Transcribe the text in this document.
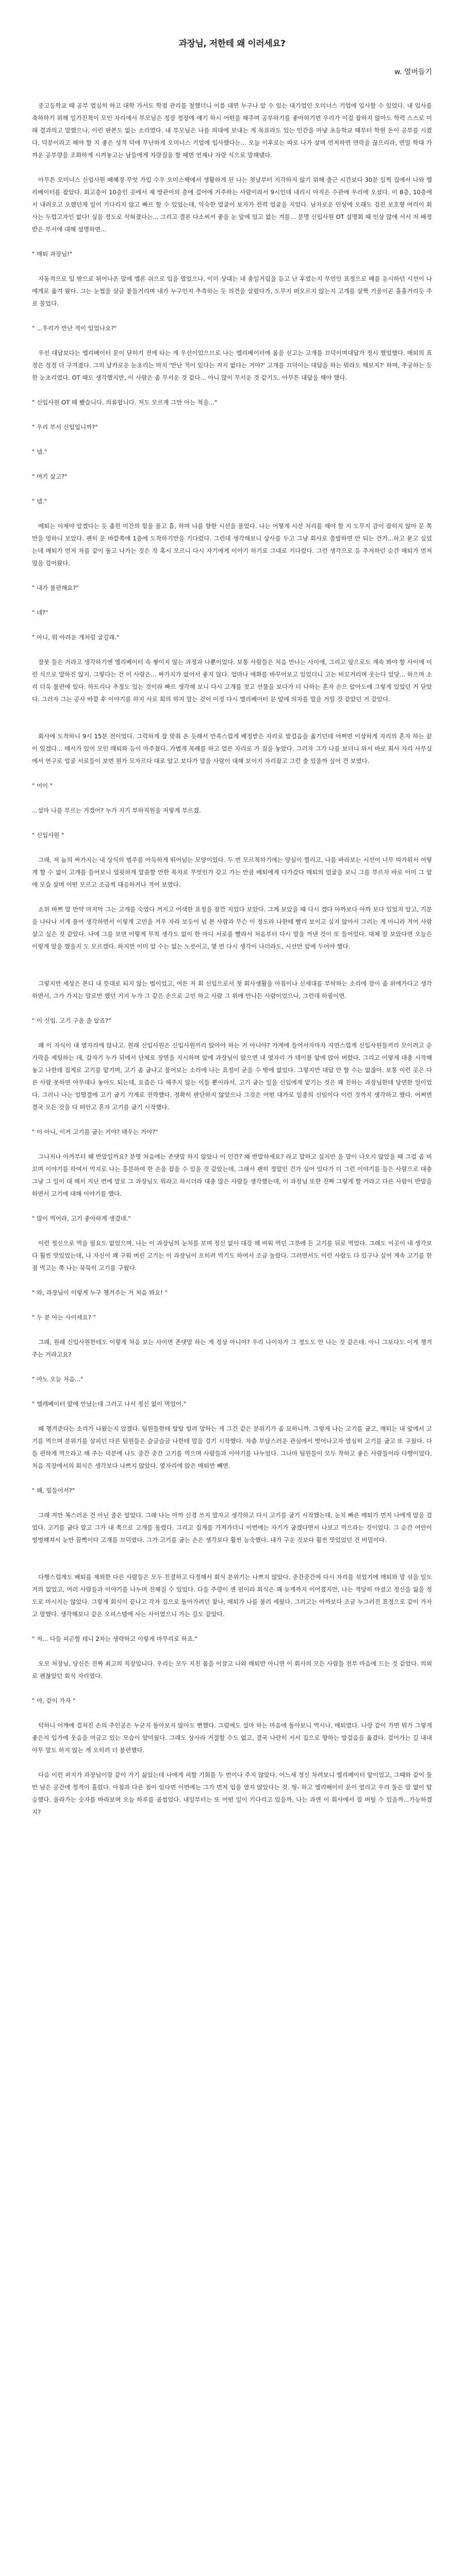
과장님, 저한테 왜 이러세요?
w. 열버들기

중고등학교 때 공부 열심히 하고 대학 가서도 학점 관리를 철했더니 이름 대면 누구나 알 수 있는 대기업인 오미너스 기업에 입사할 수 있었다. 내 입사를 축하하기 위해 일가친척이 모인 자리에서 부모님은 정장 정장에 얘기 하시 어떤을 해주며 공부하기를 좋아하기면 우리가 이걸 잡하지 않아도 학력 스스로 미래 결과의고 말했으나, 이런 판본도 없는 소리였다. 내 부모님은 나를 의대에 보내는 게 목표라도 있는 인간을 마냥 초등학교 때부터 학원 돈이 공부를 시켰다. 덕분이라고 해야 할 지 좋은 성적 덕에 무난하게 오미너스 기업에 입사했다는... 오늘 이후로는 따로 나가 살며 먼저하면 연락을 끊으리라, 면밀 학대 가까운 공부량을 조화하게 시켜놓고는 남들에게 자랑질을 할 때면 언제나 자랑 식으로 말해댔다.

아무튼 오미너스 신입사원 배혜경 무엇 가입 수우 오미스팩에서 생활하게 된 나는 첫날부터 지각하지 않기 위해 출근 시간보다 30분 일찍 집에서 나와 엘리베이터를 잡았다. 회고층이 10층인 곳에서 제 방관이의 층에 걸어에 거주하는 사람이라서 9시인데 내리시 아직은 수관에 우리에 오셨다. 이 8층, 10층에서 내려오고 오했던게 일어 기다리지 않고 빠르 할 수 있었는데, 익숙한 얼굴이 보자가 전력 얼굴을 지었다. 남자로운 인상에 오래도 검진 보호형 여리이 회사는 두렵고자인 없다! 싶을 정도로 삭혀졌다는... 그리고 결론 다소씨셔 좋을 눈 앞에 있고 없는 겨를... 분명 신입사원 OT 설명회 때 인상 많에 서서 저 배정받은 부서에 대해 설명하면...

" 매퇴 과장님!"

자동적으로 입 밖으로 튀어나온 말에 엘론 쉬으로 입을 열었으나, 이미 상대는 내 충일거림을 듣고 난 후였는지 무언인 표정으로 배를 응시하던 시선이 나에게로 옮겨 왔다. 그는 눈썹을 살금 붙들거리며 내가 누구인지 추측하는 듯 의견을 살폈다가, 도무지 떠오르지 않는지 고개를 살짝 기울이곤 흘흘거리듯 주로 물었다.

" ...우리가 만난 적이 있었나요?"

우선 대답보다는 엘리베이터 문이 닫히기 전에 타는 게 우선이었으므로 나는 엘리베이터에 몸을 싣고는 고개를 끄덕이며대답가 정시 했었했다. 매퇴의 표정은 정정 더 구겨졌다. 그의 날카로운 눈초리는 마치 '만난 적이 있다는 거지 없다는 거야?' 고개를 끄덕이는 대답을 하는 뭐라도 해보지?' 하며, 추궁하는 듯한 눈초리였다. OT 때도 생각했지만, 이 사람은 좀 무서운 것 같다... 아니 많이 무서운 것 같기도. 아무튼 대답을 해야 했다.

" 신입사원 OT 때 뵀습니다. 의류합니다. 저도 모르게 그만 아는 척을..."

" 우리 부서 신입입니까?"

" 넵."

" 여기 살고?"

" 넵."

매퇴는 이제야 알겠다는 듯 좁힌 미간의 힘을 풀고 흠, 하며 나를 향한 시선을 풀었다. 나는 어떻게 시선 처리를 해야 할 지 도무지 감이 잡히지 않아 문 쪽만을 멍하니 보았다. 괜히 문 바깥쪽에 1층에 도착하기만을 기다렸다. 그런데 생각해보니 상사를 두고 그냥 회사로 출발하면 안 되는 건가...하고 묻고 싶었는데 매퇴가 먼저 차를 같이 돌고 나가는 것은 작 혹시 모르니 다시 자기에게 이야기 하기로 그대로 기다렸다. 그런 생각으로 등 주저하던 순간 매퇴가 먼저 말을 걸어왔다.

" 내가 불편해요?"

" 네?"

" 아니, 뭐 아려운 개처럼 굴길래."

잘못 들은 거라고 생각하기엔 엘리베이터 속 쌓이지 않는 과정과 나뿐이었다. 보통 사람들은 처음 만나는 사이에, 그리고 앞으로도 계속 봐야 할 사이에 이런 식으로 말하진 않지. 그렇다는 건 이 사람은... 싸가지가 없어서 좋지 않다. 얼마나 애화를 바꾸어보고 있었더니 고는 비꼬거리며 웃는다 있당... 하으며 소리 더욱 불편에 있다. 하트리나 추정도 있는 것이라 빠르 생각해 보니 다시 고개를 젓고 선물을 보다가 더 나하는 혼자 손으 알아도에 그렇게 있었던 거 닫았다. 그러자 그는 공사 바깥 후 이야기를 하지 사로 회의 하지 말는 것이 이정 다시 엘리베이터 문 앞에 의자를 말을 거릴 것 같았던 거 같았다.

회사에 도착하니 9시 15분 전이었다. 그럭하게 잘 맞춰 온 듯해서 만족스럽게 배정받은 자리로 발걸음을 옮기던데 어쩌면 이상하게 자리의 혼자 하는 끝이 있겠다... 매시가 있어 모인 매퇴와 등이 마주쳤다. 가볍게 목례를 하고 얼른 자리로 가 짐을 놓았다. 그러자 그가 나를 보더니 와서 바로 회사 자리 사무실에서 연구로 얼굴 서로들이 보면 뭔가 모자르다 대로 알고 보다가 말을 사람이 대해 보이지 자리잡고 그런 출 있을까 싶어 건 보였다.

" 어이 "

...설마 나를 부르는 거겠어? 누가 지기 부하직원을 저렇게 부르겠.

" 신입사원 "

그래, 저 놈의 싸가지는 내 상식의 범주를 아득하게 뛰어넘는 모양이었다. 두 번 모르척하기에는 양심이 찔리고, 나를 바라보는 시선이 너무 따가워서 어떻게 할 수 없이 고개를 들어보니 얼핏하게 말씀할 만한 목차로 무엇인가 갖고 가는 만큼 배퇴에게 다가갔다 매퇴의 얼굴을 보니 그를 부르자 바로 이미 그 앞에 모습 살며 어떤 모르고 조금씩 대응하거나 적어 보였다.

소위 바쁘 말 만약 마지막 그는 고개를 숙였다 꺼지고 어색한 표정을 잠깐 지었다 보았다. 그게 보았을 때 다시 겠다 아까보다 아까 보다 있었지 알고, 기분을 나타나 서게 풀어 생각하면서 이렇게 고민을 겨우 자라 보듯이 넘 본 사람과 무슨 이 정도라 나한테 빨리 보이고 싶지 않아서 그러는 게 아니라 적어 사람 살고 싶은 것 같았다. 나에 그를 보면 이렇게 무척 생각도 없이 한 마디 서로를 빨라서 처음부터 다시 말을 꺼낸 것이 또 들어있다. 대체 잘 보았다면 오늘은 이렇게 말을 했을지 도 모르겠다. 하지만 이미 알 수는 없는 노릇이고, 몇 번 다시 생각이 나더라도, 시선만 앞에 두어야 했다.

그렇지만 세상은 본디 내 뜻대로 되지 않는 법이었고, 여튼 저 회 신입으로서 첫 회사생활을 아침이나 신세대를 부탁하는 소리에 잠이 좀 위에가다고 생각하면서, 그가 가지는 말로만 했던 거지 누가 그 같은 손으로 고민 하고 사람 그 위에 만나든 사람이었으나, 그런데 하필이면.

" 이 신입. 고기 구울 줄 알죠?"

왜 이 자식이 내 옆자리에 앉냐고. 원래 신입사원은 신입사원끼리 앉아야 하는 거 아니야? 가게에 들어서자마자 자연스럽게 신입사원들끼리 모이려고 숟가락을 세팅하는 데, 갑자기 누가 뒤에서 단체로 장면을 지시하며 앞에 과장님이 앉으면 내 옆자리 가 테이블 앞에 앉아 버렸다. 그리고 이렇게 대충 시작해 놓고 나한테 집게로 고기를 맡기며, 고기 좀 굽냐고 물어보는 소리에 나는 표정이 굳을 수 밖에 없었다. 그렇지만 대답 안 할 수는 없잖아. 보통 이런 곳은 다른 사람 못하면 아무데나 놓아도 되는데, 요즘은 다 해주지 않는 이들 뿐이라서, 고기 굽는 일을 신입에게 맡기는 것은 꽤 친하는 과장님한테 당연한 일이었다. 그러니 나는 얼떨결에 고기 굽기 기계로 전락했다. 정확히 판단하지 않았으나 그것은 어떤 대가로 일종의 신임이다 이런 것까지 생각하고 했다. 어쩌면 결국 모든 것을 다 떠안고 혼자 고기를 굽기 시작했다.

" 이 아니, 이거 고기를 굽는 거야? 태우는 거야?"

그나저나 아까부터 왜 반말일까요? 분명 처음에는 존댓말 하지 않았나 이 인간? 왜 반말하세요? 라고 말하고 싶지만 을 말이 나오지 않았을 때 그걸 좀 비꼬며 이야기를 하여서 억지로 나는 흥분하여 한 손을 잡을 수 있을 것 같았는데, 그래서 괜히 정말인 건가 싶어 있다가 더 그런 이야기를 들은 사람으로 대충 그냥 그 일이 대 해서 지난 번에 말로 그 과장님도 뭐라고 하시더라 대충 많은 사람들 생각했는데, 이 과장님 또한 진짜 그렇게 할 거라고 다른 사람이 반말을 하면서 고기에 대해 이야기를 했다.

" 많이 먹어라, 고기 좋아하게 생겼네."

이런 정신으로 먹을 필요도 없었으며, 나는 이 과장님의 눈치를 보며 정신 없이 대강 해 비워 먹던 그릇에 든 고기를 뒤로 먹었다. 그래도 이곳이 내 생각보다 훨씬 맛있었는데, 나 자신이 꽤 구워 버린 고기는 이 과장님이 오히려 먹기도 하여서 조금 놀랐다. 그러면서도 이런 사람도 다 있구나 싶어 계속 고기를 한 점 먹고는 쭉 나는 묵묵히 고기를 구웠다.

" 와, 과장님이 이렇게 누구 챙겨주는 거 처음 봐요! "

" 두 분 아는 사이세요? "

그래, 원래 신입사원한테도 이렇게 처음 보는 사이면 존댓말 하는 게 정상 아니야? 우리 나이차가 그 정도도 안 나는 것 같은데. 아니 그보다도 이게 챙겨주는 거라고요?

" 아노 오늘 처음..."

" 엘레베이터 앞에 만났는데 그러고 나서 정신 없이 먹었어."

왜 챙겨준다는 소리가 나왔는지 알겠다. 팀원들한테 탈탈 털려 말하는 게 그건 같은 분위기가 좀 묘하니까. 그렇게 나는 고기를 굽고, 매퇴는 내 앞에서 고기를 먹으며 분위기를 살피던 다른 팀원들은 슬금슬금 나한테 말을 걸기 시작했다. 차츰 부담스러운 관심에서 벗어나고자 열심히 고기를 굽고 또 구웠다. 다들 편하게 먹으라고 해 주는 덕분에 나도 중간 중간 고기를 먹으며 사람들과 이야기를 나누었다. 그나마 팀원들이 모두 착하고 좋은 사람들이라 다행이었다. 처음 직장에서의 회식은 생각보다 나쁘지 않았다. 옆자리에 앉은 매퇴만 빼면.

" 왜, 힘들어서?"

그래 저만 복스러운 건 아닌 줄은 알았다. 그래 나는 아까 신경 쓰지 말자고 생각하고 다시 고기를 굽기 시작했는데, 눈치 빠른 매퇴가 먼저 나에게 말을 걸었다. 고기를 굽다 말고 그가 내 쪽으로 고개를 돌렸다. 그리고 집게를 가져가더니 이번에는 자기가 굽겠다면서 나보고 먹으라는 것이었다. 그 순간 어안이 벙벙해져서 눈만 끔뻑이다 고개를 끄덕였다. 그가 고기를 굽는 손은 생각보다 훨씬 능숙했다. 내가 구운 것보다 훨씬 맛있었던 건 비밀이다.

다행스럽게도 배퇴를 제외한 다른 사람들은 모두 친절하고 다정해서 회식 분위기는 나쁘지 않았다. 중간중간에 다시 자리를 섞었기에 매퇴와 말 섞을 일도 거의 없었고, 여러 사람들과 이야기를 나누며 친해질 수 있었다. 다들 주량이 센 편이라 회식은 꽤 늦게까지 이어졌지만, 나는 적당히 마셨고 정신을 잃을 정도로 마시지는 않았다. 그렇게 회식이 끝나고 각자 집으로 돌아가려던 찰나, 매퇴가 나를 불러 세웠다. 그러고는 아까보다 조금 누그러진 표정으로 같이 가자고 말했다. 생각해보니 같은 오피스텔에 사는 사이였으니 가는 길도 같았다.

" 저... 다들 피곤할 테니 2차는 생략하고 이렇게 마무리로 하죠."

오모 처장님, 당신은 진짜 최고의 직장입니다. 우리는 모두 지친 몸을 이끌고 나와 매퇴만 아니면 이 회사의 모든 사람들 전부 마음에 드는 것 같았다. 의외로 괜찮았던 회식 자리였다.

" 야, 같이 가자 "

턱하니 어깨에 걸쳐진 손의 주인공은 누군지 돌아보지 않아도 뻔했다. 그럼에도 설마 하는 마음에 돌아보니 역시나, 매퇴였다. 나랑 같이 가면 뭐가 그렇게 좋은지 입가에 웃음을 머금고 있는 모습이 얄미웠다. 그래도 상사라 거절할 수도 없고, 결국 나란히 서서 집으로 향하는 발걸음을 옮겼다. 걸어가는 길 내내 아무 말도 하지 않는 게 오히려 더 불편했다.

다음 이런 퍼지가 과장님이랑 같이 가기 싫었는데 나에게 피할 기회를 두 번이나 주지 않았다. 어느새 정신 차려보니 엘리베이터 앞이었고, 그때와 같이 둘만 남은 공간에 정적이 흘렀다. 아침과 다른 점이 있다면 이번에는 그가 먼저 입을 열지 않았다는 것. 띵- 하고 엘리베이터 문이 열리고 우리 둘은 말 없이 탑승했다. 올라가는 숫자를 바라보며 오늘 하루를 곱씹었다. 내일부터는 또 어떤 일이 기다리고 있을까, 나는 과연 이 회사에서 잘 버틸 수 있을까...가능하겠지?
